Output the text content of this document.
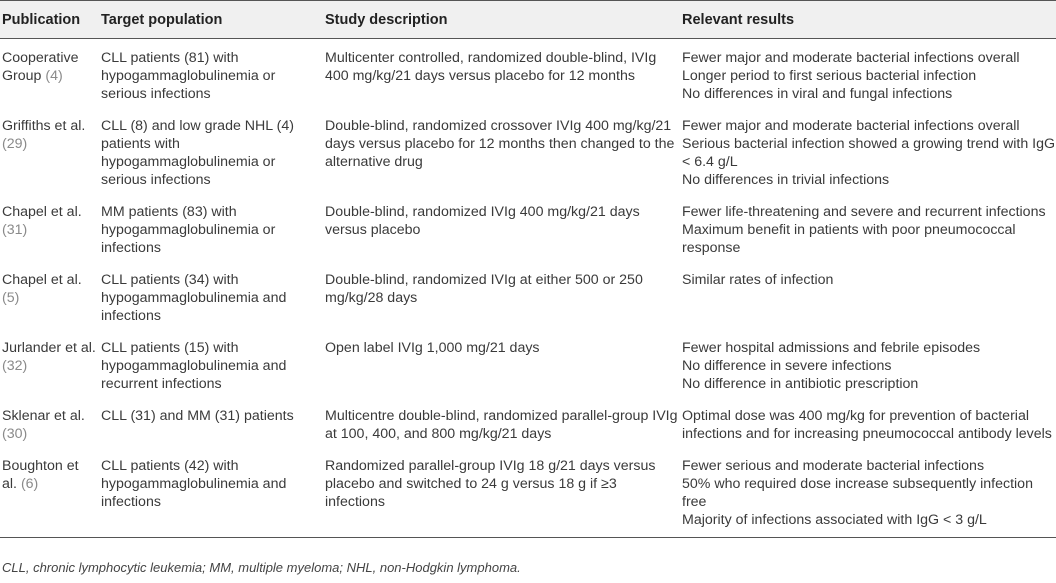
Publication	Target population	Study description	Relevant results
Cooperative Group (4)	CLL patients (81) with hypogammaglobulinemia or serious infections	Multicenter controlled, randomized double-blind, IVIg 400 mg/kg/21 days versus placebo for 12 months	Fewer major and moderate bacterial infections overall
Longer period to first serious bacterial infection
No differences in viral and fungal infections

Griffiths et al. (29)	CLL (8) and low grade NHL (4) patients with hypogammaglobulinemia or serious infections	Double-blind, randomized crossover IVIg 400 mg/kg/21 days versus placebo for 12 months then changed to the alternative drug	Fewer major and moderate bacterial infections overall
Serious bacterial infection showed a growing trend with IgG < 6.4 g/L
No differences in trivial infections

Chapel et al. (31)	MM patients (83) with hypogammaglobulinemia or infections	Double-blind, randomized IVIg 400 mg/kg/21 days versus placebo	Fewer life-threatening and severe and recurrent infections
Maximum benefit in patients with poor pneumococcal response

Chapel et al. (5)	CLL patients (34) with hypogammaglobulinemia and infections	Double-blind, randomized IVIg at either 500 or 250 mg/kg/28 days	Similar rates of infection

Jurlander et al. (32)	CLL patients (15) with hypogammaglobulinemia and recurrent infections	Open label IVIg 1,000 mg/21 days	Fewer hospital admissions and febrile episodes
No difference in severe infections
No difference in antibiotic prescription

Sklenar et al. (30)	CLL (31) and MM (31) patients	Multicentre double-blind, randomized parallel-group IVIg at 100, 400, and 800 mg/kg/21 days	Optimal dose was 400 mg/kg for prevention of bacterial infections and for increasing pneumococcal antibody levels

Boughton et al. (6)	CLL patients (42) with hypogammaglobulinemia and infections	Randomized parallel-group IVIg 18 g/21 days versus placebo and switched to 24 g versus 18 g if ≥3 infections	Fewer serious and moderate bacterial infections
50% who required dose increase subsequently infection free
Majority of infections associated with IgG < 3 g/L
CLL, chronic lymphocytic leukemia; MM, multiple myeloma; NHL, non-Hodgkin lymphoma.
